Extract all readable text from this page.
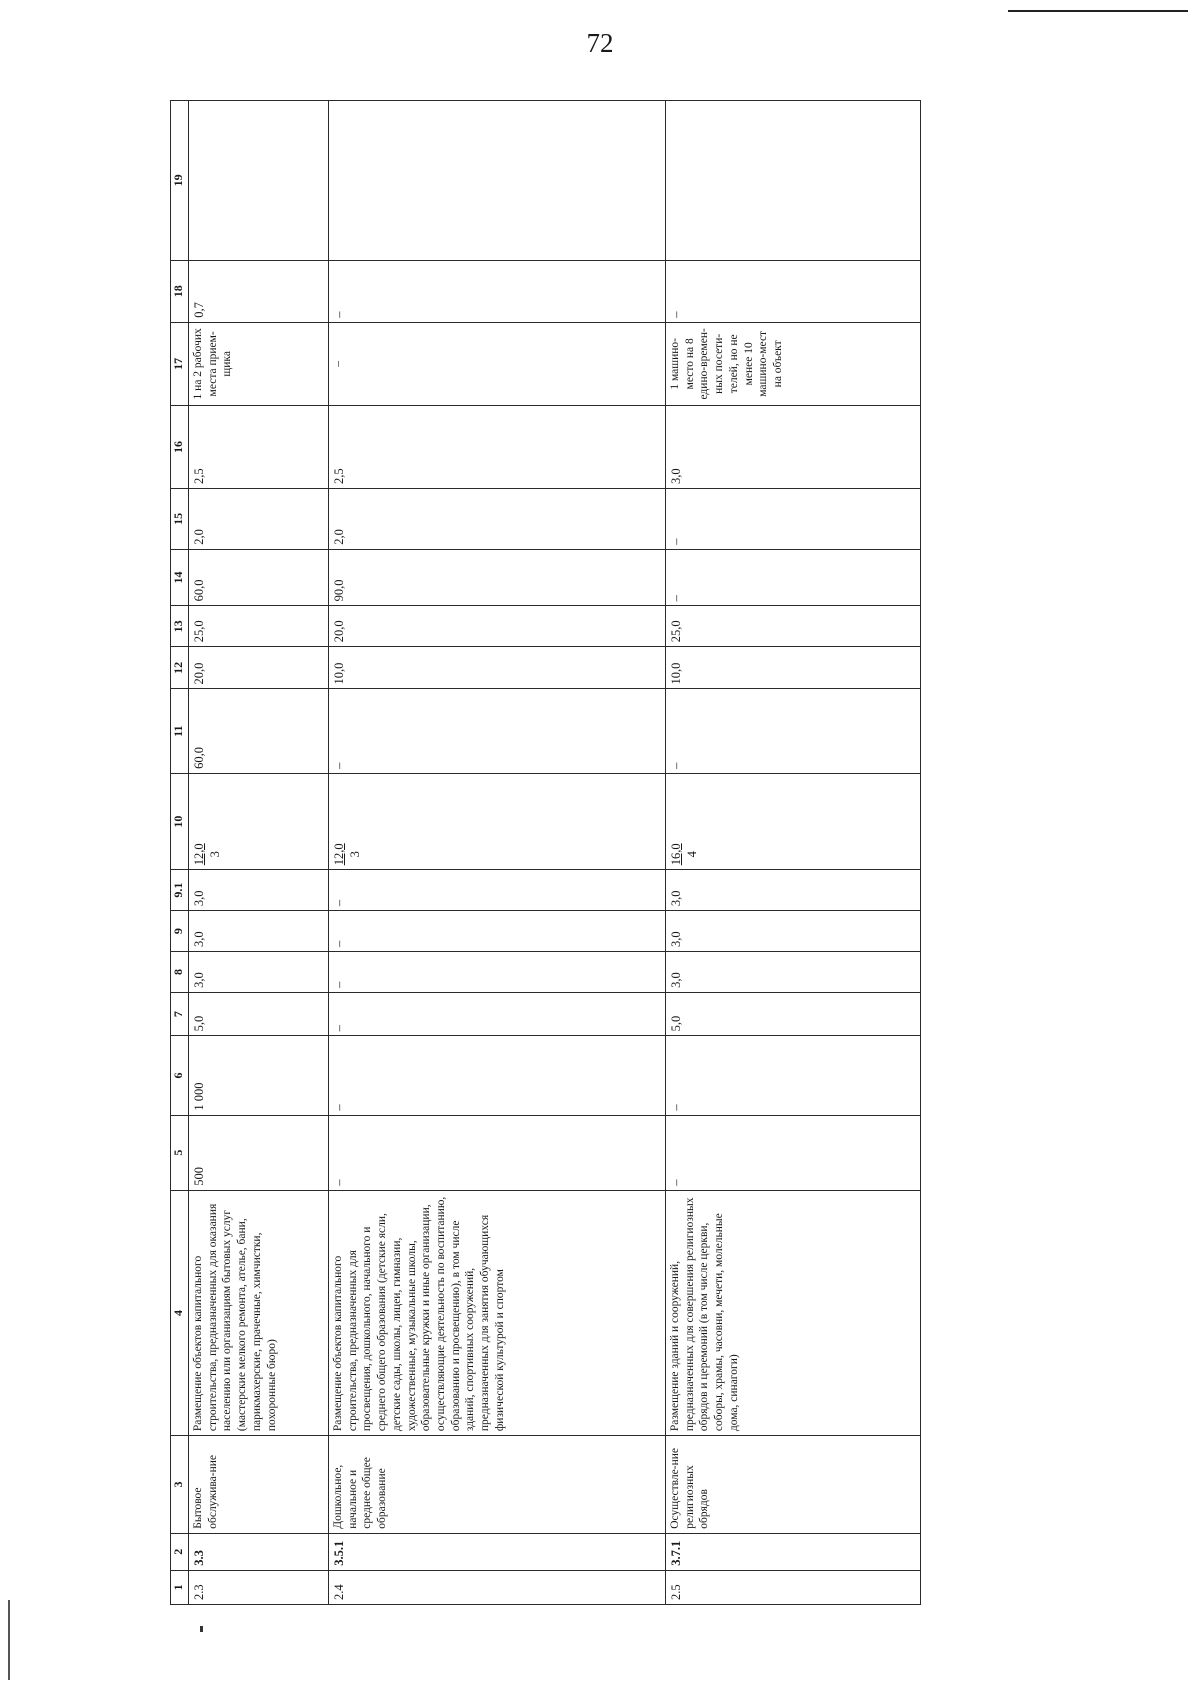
72
1	2	3	4	5	6	7	8	9	9.1	10	11	12	13	14	15	16	17	18	19
2.3	3.3	Бытовое обслужива-ние	Размещение объектов капитального строительства, предназначенных для оказания населению или организациям бытовых услуг (мастерские мелкого ремонта, ателье, бани, парикмахерские, прачечные, химчистки, похоронные бюро)	500	1 000	5,0	3,0	3,0	3,0	12,0 3	60,0	20,0	25,0	60,0	2,0	2,5	1 на 2 рабочих места прием-щика	0,7	
2.4	3.5.1	Дошкольное, начальное и среднее общее образование	Размещение объектов капитального строительства, предназначенных для просвещения, дошкольного, начального и среднего общего образования (детские ясли, детские сады, школы, лицеи, гимназии, художественные, музыкальные школы, образовательные кружки и иные организации, осуществляющие деятельность по воспитанию, образованию и просвещению), в том числе зданий, спортивных сооружений, предназначенных для занятия обучающихся физической культурой и спортом	–	–	–	–	–	–	12,0 3	–	10,0	20,0	90,0	2,0	2,5	–	–	
2.5	3.7.1	Осуществле-ние религиозных обрядов	Размещение зданий и сооружений, предназначенных для совершения религиозных обрядов и церемоний (в том числе церкви, соборы, храмы, часовни, мечети, молельные дома, синагоги)	–	–	5,0	3,0	3,0	3,0	16,0 4	–	10,0	25,0	–	–	3,0	1 машино-место на 8 едино-времен-ных посети-телей, но не менее 10 машино-мест на объект	–	
